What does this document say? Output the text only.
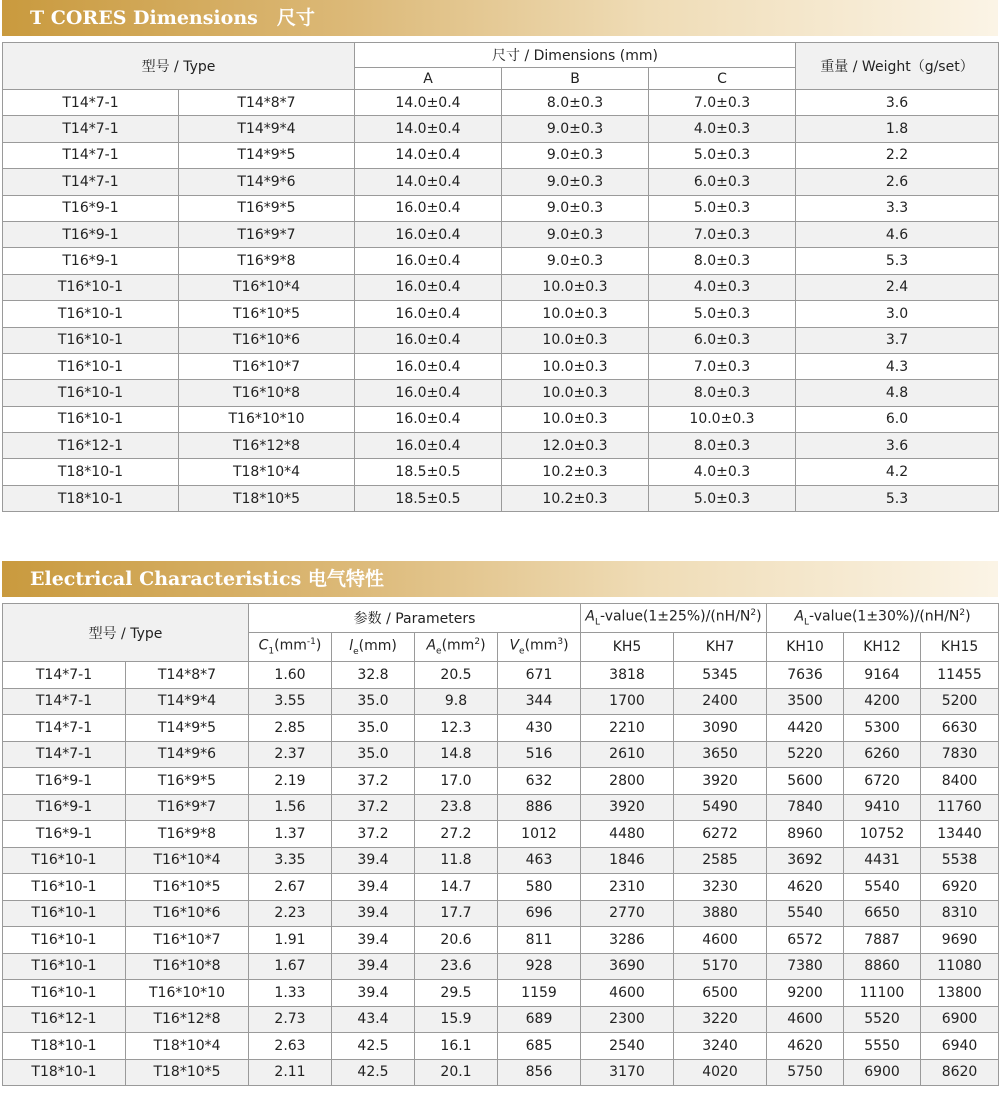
T CORES Dimensions　尺寸
型号 / Type		尺寸 / Dimensions (mm)			重量 / Weight（g/set）
		A	B	C	
T14*7-1	T14*8*7	14.0±0.4	8.0±0.3	7.0±0.3	3.6
T14*7-1	T14*9*4	14.0±0.4	9.0±0.3	4.0±0.3	1.8
T14*7-1	T14*9*5	14.0±0.4	9.0±0.3	5.0±0.3	2.2
T14*7-1	T14*9*6	14.0±0.4	9.0±0.3	6.0±0.3	2.6
T16*9-1	T16*9*5	16.0±0.4	9.0±0.3	5.0±0.3	3.3
T16*9-1	T16*9*7	16.0±0.4	9.0±0.3	7.0±0.3	4.6
T16*9-1	T16*9*8	16.0±0.4	9.0±0.3	8.0±0.3	5.3
T16*10-1	T16*10*4	16.0±0.4	10.0±0.3	4.0±0.3	2.4
T16*10-1	T16*10*5	16.0±0.4	10.0±0.3	5.0±0.3	3.0
T16*10-1	T16*10*6	16.0±0.4	10.0±0.3	6.0±0.3	3.7
T16*10-1	T16*10*7	16.0±0.4	10.0±0.3	7.0±0.3	4.3
T16*10-1	T16*10*8	16.0±0.4	10.0±0.3	8.0±0.3	4.8
T16*10-1	T16*10*10	16.0±0.4	10.0±0.3	10.0±0.3	6.0
T16*12-1	T16*12*8	16.0±0.4	12.0±0.3	8.0±0.3	3.6
T18*10-1	T18*10*4	18.5±0.5	10.2±0.3	4.0±0.3	4.2
T18*10-1	T18*10*5	18.5±0.5	10.2±0.3	5.0±0.3	5.3
Electrical Characteristics 电气特性
型号 / Type		参数 / Parameters				$A_L-value(1\pm 25\%)/(nH/N^2)$		$A_L-value(1\pm 30\%)/(nH/N^2)$		
		$C_1(mm^{-1})$	$l_e(mm)$	$A_e(mm^2)$	$V_e(mm^3)$	KH5	KH7	KH10	KH12	KH15
T14*7-1	T14*8*7	1.60	32.8	20.5	671	3818	5345	7636	9164	11455
T14*7-1	T14*9*4	3.55	35.0	9.8	344	1700	2400	3500	4200	5200
T14*7-1	T14*9*5	2.85	35.0	12.3	430	2210	3090	4420	5300	6630
T14*7-1	T14*9*6	2.37	35.0	14.8	516	2610	3650	5220	6260	7830
T16*9-1	T16*9*5	2.19	37.2	17.0	632	2800	3920	5600	6720	8400
T16*9-1	T16*9*7	1.56	37.2	23.8	886	3920	5490	7840	9410	11760
T16*9-1	T16*9*8	1.37	37.2	27.2	1012	4480	6272	8960	10752	13440
T16*10-1	T16*10*4	3.35	39.4	11.8	463	1846	2585	3692	4431	5538
T16*10-1	T16*10*5	2.67	39.4	14.7	580	2310	3230	4620	5540	6920
T16*10-1	T16*10*6	2.23	39.4	17.7	696	2770	3880	5540	6650	8310
T16*10-1	T16*10*7	1.91	39.4	20.6	811	3286	4600	6572	7887	9690
T16*10-1	T16*10*8	1.67	39.4	23.6	928	3690	5170	7380	8860	11080
T16*10-1	T16*10*10	1.33	39.4	29.5	1159	4600	6500	9200	11100	13800
T16*12-1	T16*12*8	2.73	43.4	15.9	689	2300	3220	4600	5520	6900
T18*10-1	T18*10*4	2.63	42.5	16.1	685	2540	3240	4620	5550	6940
T18*10-1	T18*10*5	2.11	42.5	20.1	856	3170	4020	5750	6900	8620
